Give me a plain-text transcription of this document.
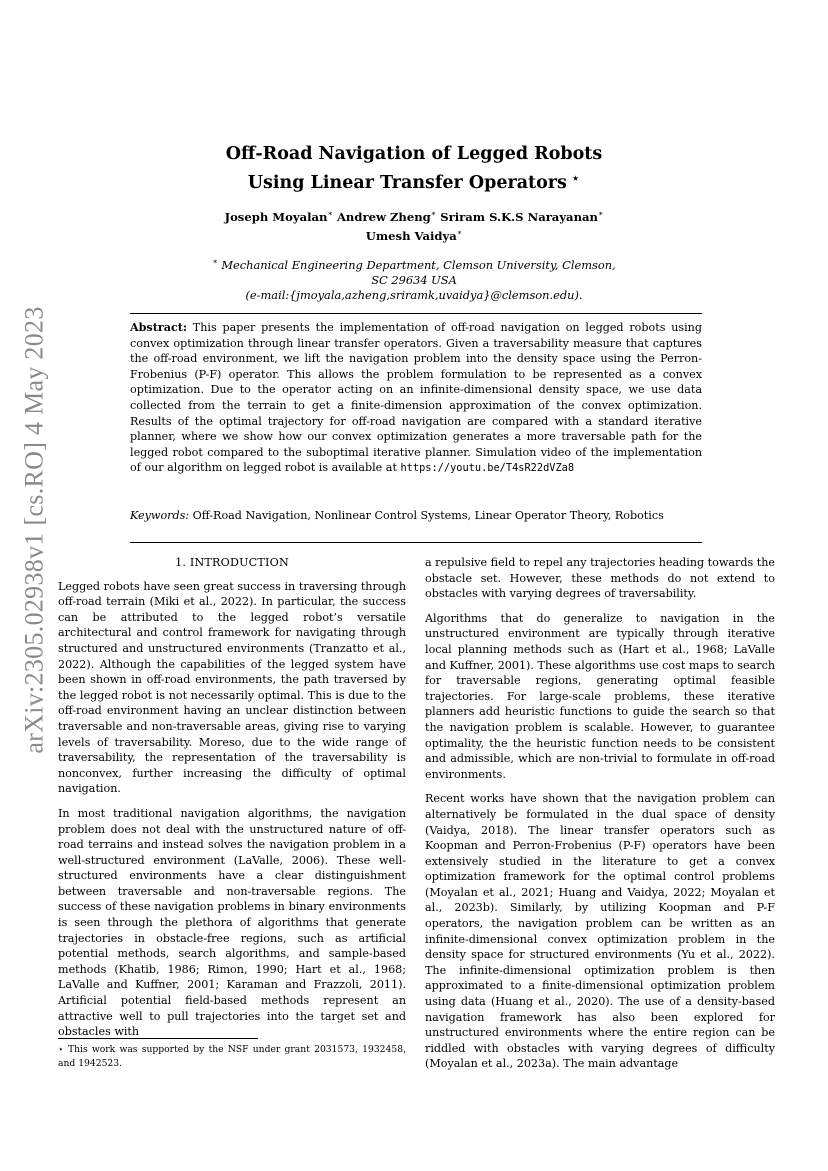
arXiv:2305.02938v1 [cs.RO] 4 May 2023
Off-Road Navigation of Legged Robots
Using Linear Transfer Operators ⋆
Joseph Moyalan∗ Andrew Zheng∗ Sriram S.K.S Narayanan∗
Umesh Vaidya∗
∗ Mechanical Engineering Department, Clemson University, Clemson,
SC 29634 USA
(e-mail:{jmoyala,azheng,sriramk,uvaidya}@clemson.edu).
Abstract: This paper presents the implementation of off-road navigation on legged robots using convex optimization through linear transfer operators. Given a traversability measure that captures the off-road environment, we lift the navigation problem into the density space using the Perron-Frobenius (P-F) operator. This allows the problem formulation to be represented as a convex optimization. Due to the operator acting on an infinite-dimensional density space, we use data collected from the terrain to get a finite-dimension approximation of the convex optimization. Results of the optimal trajectory for off-road navigation are compared with a standard iterative planner, where we show how our convex optimization generates a more traversable path for the legged robot compared to the suboptimal iterative planner. Simulation video of the implementation of our algorithm on legged robot is available at https://youtu.be/T4sR22dVZa8
Keywords: Off-Road Navigation, Nonlinear Control Systems, Linear Operator Theory, Robotics
1. INTRODUCTION

Legged robots have seen great success in traversing through off-road terrain (Miki et al., 2022). In particular, the success can be attributed to the legged robot’s versatile architectural and control framework for navigating through structured and unstructured environments (Tranzatto et al., 2022). Although the capabilities of the legged system have been shown in off-road environments, the path traversed by the legged robot is not necessarily optimal. This is due to the off-road environment having an unclear distinction between traversable and non-traversable areas, giving rise to varying levels of traversability. Moreso, due to the wide range of traversability, the representation of the traversability is nonconvex, further increasing the difficulty of optimal navigation.

In most traditional navigation algorithms, the navigation problem does not deal with the unstructured nature of off-road terrains and instead solves the navigation problem in a well-structured environment (LaValle, 2006). These well-structured environments have a clear distinguishment between traversable and non-traversable regions. The success of these navigation problems in binary environments is seen through the plethora of algorithms that generate trajectories in obstacle-free regions, such as artificial potential methods, search algorithms, and sample-based methods (Khatib, 1986; Rimon, 1990; Hart et al., 1968; LaValle and Kuffner, 2001; Karaman and Frazzoli, 2011). Artificial potential field-based methods represent an attractive well to pull trajectories into the target set and obstacles with

a repulsive field to repel any trajectories heading towards the obstacle set. However, these methods do not extend to obstacles with varying degrees of traversability.

Algorithms that do generalize to navigation in the unstructured environment are typically through iterative local planning methods such as (Hart et al., 1968; LaValle and Kuffner, 2001). These algorithms use cost maps to search for traversable regions, generating optimal feasible trajectories. For large-scale problems, these iterative planners add heuristic functions to guide the search so that the navigation problem is scalable. However, to guarantee optimality, the the heuristic function needs to be consistent and admissible, which are non-trivial to formulate in off-road environments.

Recent works have shown that the navigation problem can alternatively be formulated in the dual space of density (Vaidya, 2018). The linear transfer operators such as Koopman and Perron-Frobenius (P-F) operators have been extensively studied in the literature to get a convex optimization framework for the optimal control problems (Moyalan et al., 2021; Huang and Vaidya, 2022; Moyalan et al., 2023b). Similarly, by utilizing Koopman and P-F operators, the navigation problem can be written as an infinite-dimensional convex optimization problem in the density space for structured environments (Yu et al., 2022). The infinite-dimensional optimization problem is then approximated to a finite-dimensional optimization problem using data (Huang et al., 2020). The use of a density-based navigation framework has also been explored for unstructured environments where the entire region can be riddled with obstacles with varying degrees of difficulty (Moyalan et al., 2023a). The main advantage

⋆ This work was supported by the NSF under grant 2031573, 1932458, and 1942523.
